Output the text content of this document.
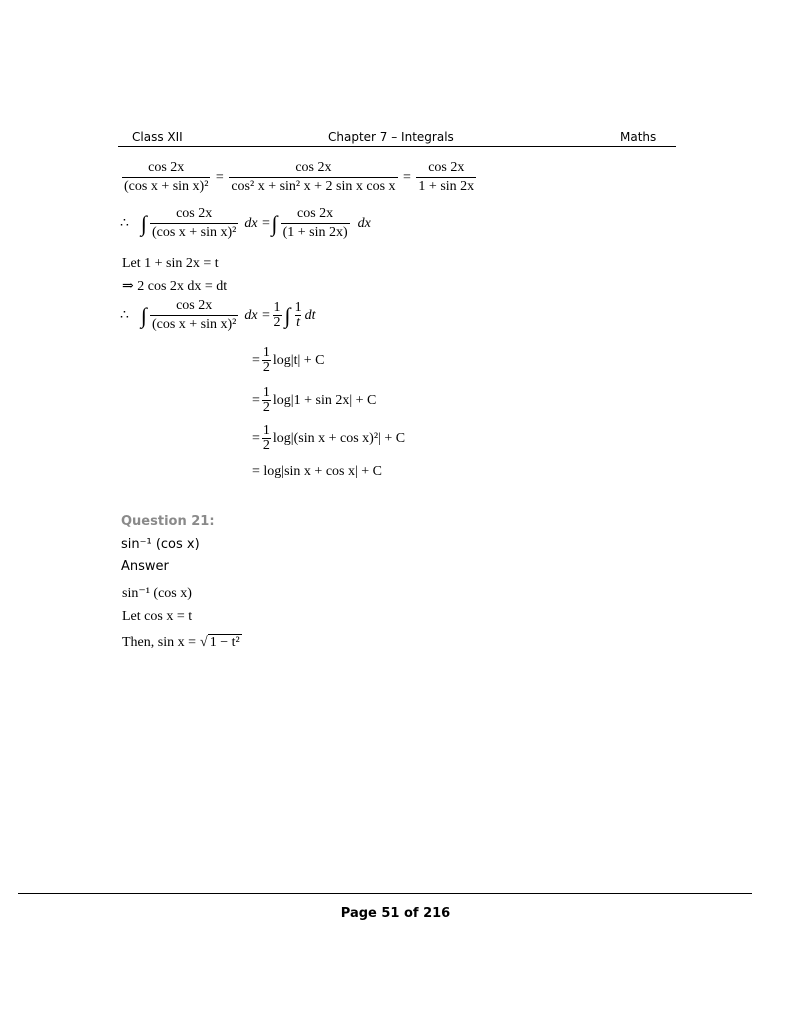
Class XII	Chapter 7 – Integrals	Maths
$\frac{\cos 2x}{\text{(cos x + sin x)²}} = \frac{\cos 2x}{\text{cos² x + sin² x + 2 sin x cos x}} = \frac{\cos 2x}{1 + \sin 2x}$
∴ ∫ $\frac{\cos 2x}{\text{(cos x + sin x)²}}$ dx = ∫ $\frac{\cos 2x}{(1 + \sin 2x)}$ dx
Let 1 + sin 2x = t
⇒ 2 cos 2x dx = dt
∴ ∫ $\frac{\cos 2x}{\text{(cos x + sin x)²}}$ dx = $\frac{1}{2}$ ∫ $\frac{1}{t}$ dt
= $\frac{1}{2} \log|t| + C$
= $\frac{1}{2} \log|1 + \sin 2x| + C$
= $\frac{1}{2} \log|(\sin$ x + cos x)²| + C
= log|sin x + cos x| + C
Question 21:
sin⁻¹ (cos x)
Answer
sin⁻¹ (cos x)
Let cos x = t
Then, sin x = √ 1 − t²
Page 51 of 216
